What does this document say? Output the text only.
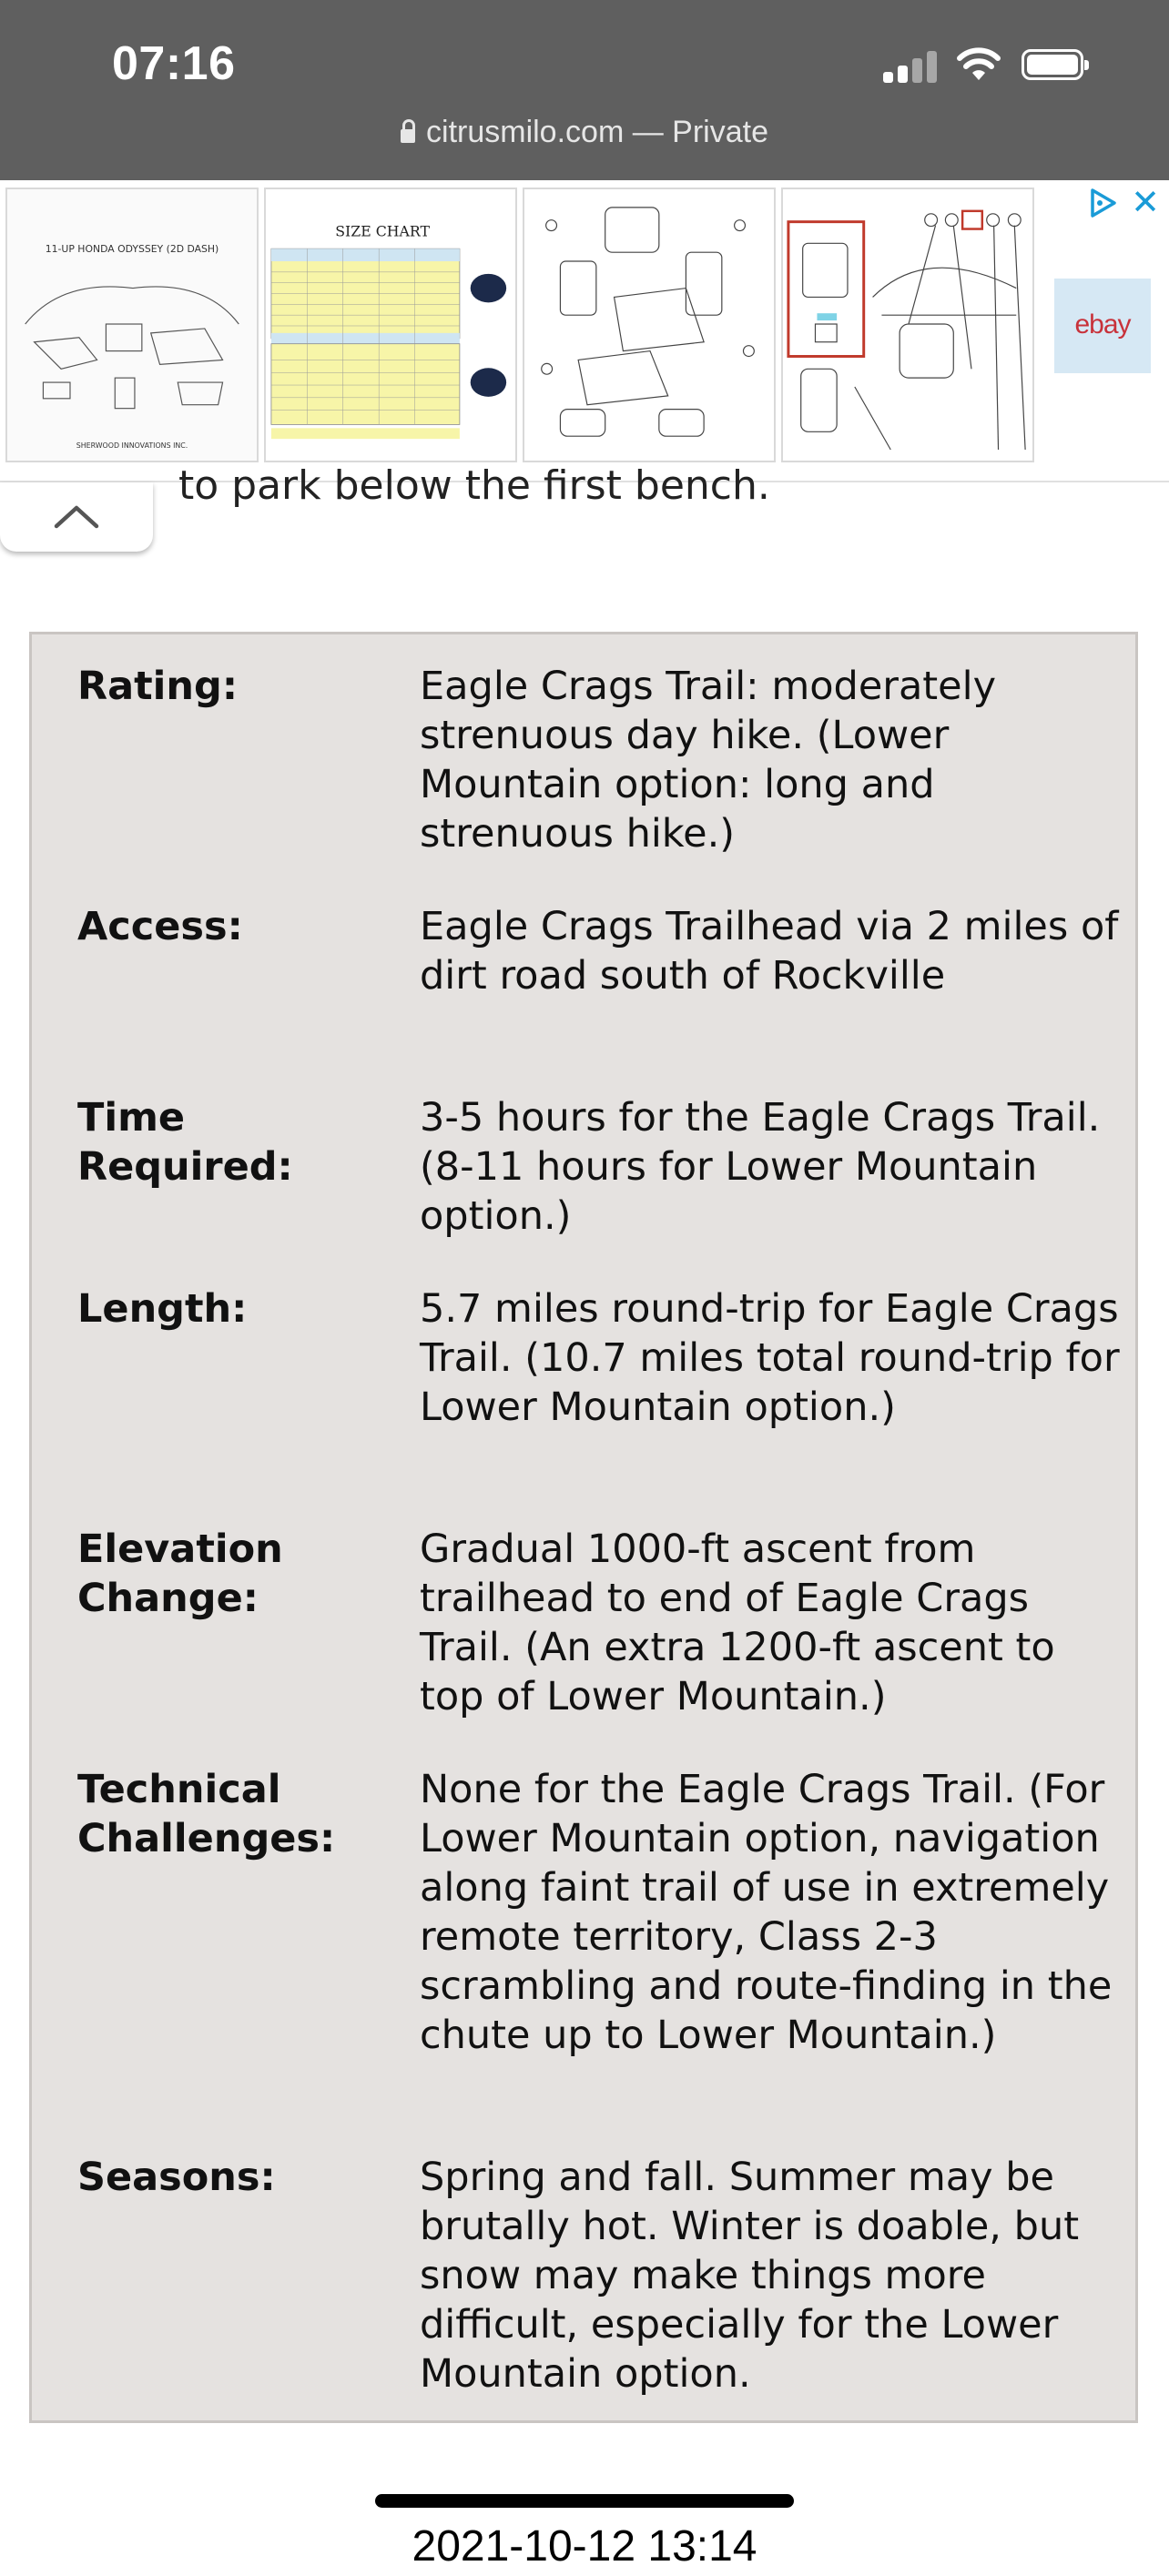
07:16
citrusmilo.com — Private
11-UP HONDA ODYSSEY (2D DASH)
SHERWOOD INNOVATIONS INC.
SIZE CHART
✕
ebay
to park below the first bench.
Rating:	Eagle Crags Trail: moderately strenuous day hike. (Lower Mountain option: long and strenuous hike.)
Access:	Eagle Crags Trailhead via 2 miles of dirt road south of Rockville
Time Required:
3-5 hours for the Eagle Crags Trail. (8-11 hours for Lower Mountain option.)
Length:	5.7 miles round-trip for Eagle Crags Trail. (10.7 miles total round-trip for Lower Mountain option.)
Elevation Change:
Gradual 1000-ft ascent from trailhead to end of Eagle Crags Trail. (An extra 1200-ft ascent to top of Lower Mountain.)
Technical Challenges:
None for the Eagle Crags Trail. (For Lower Mountain option, navigation along faint trail of use in extremely remote territory, Class 2-3 scrambling and route-finding in the chute up to Lower Mountain.)
Seasons:	Spring and fall. Summer may be brutally hot. Winter is doable, but snow may make things more difficult, especially for the Lower Mountain option.
2021-10-12 13:14
